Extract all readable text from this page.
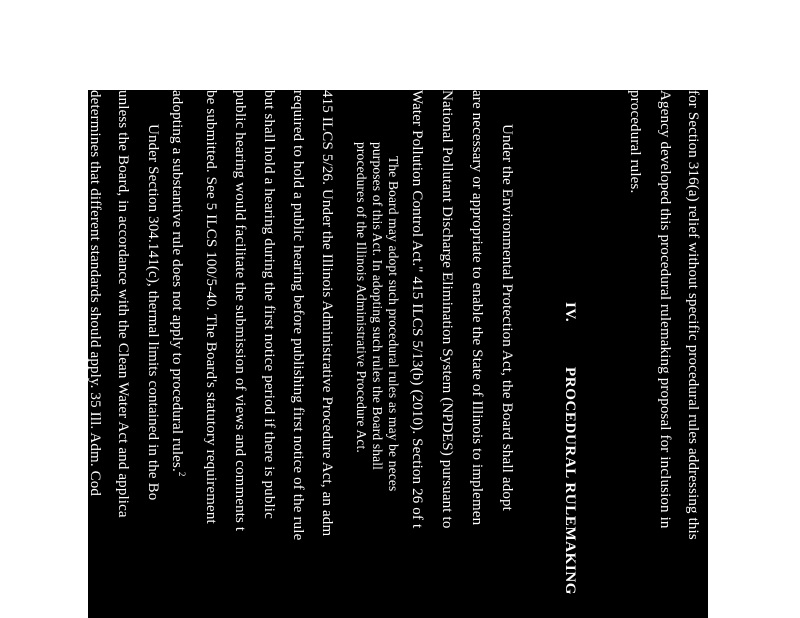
for Section 316(a) relief without specific procedural rules addressing this
Agency developed this procedural rulemaking proposal for inclusion in
procedural rules.
IV.  PROCEDURAL RULEMAKING
Under the Environmental Protection Act, the Board shall adopt
are necessary or appropriate to enable the State of Illinois to implemen
National Pollutant Discharge Elimination System (NPDES) pursuant to
Water Pollution Control Act." 415 ILCS 5/13(b) (2010). Section 26 of t
The Board may adopt such procedural rules as may be neces
purposes of this Act. In adopting such rules the Board shall
procedures of the Illinois Administrative Procedure Act.
415 ILCS 5/26. Under the Illinois Administrative Procedure Act, an adm
required to hold a public hearing before publishing first notice of the rule
but shall hold a hearing during the first notice period if there is public
public hearing would facilitate the submission of views and comments t
be submitted. See 5 ILCS 100/5-40. The Board's statutory requirement
adopting a substantive rule does not apply to procedural rules.$^2$
Under Section 304.141(c), thermal limits contained in the Bo
unless the Board, in accordance with the Clean Water Act and applica
determines that different standards should apply. 35 Ill. Adm. Cod
procedural rulemaking, the Illinois EPA has integrated the existing fe
